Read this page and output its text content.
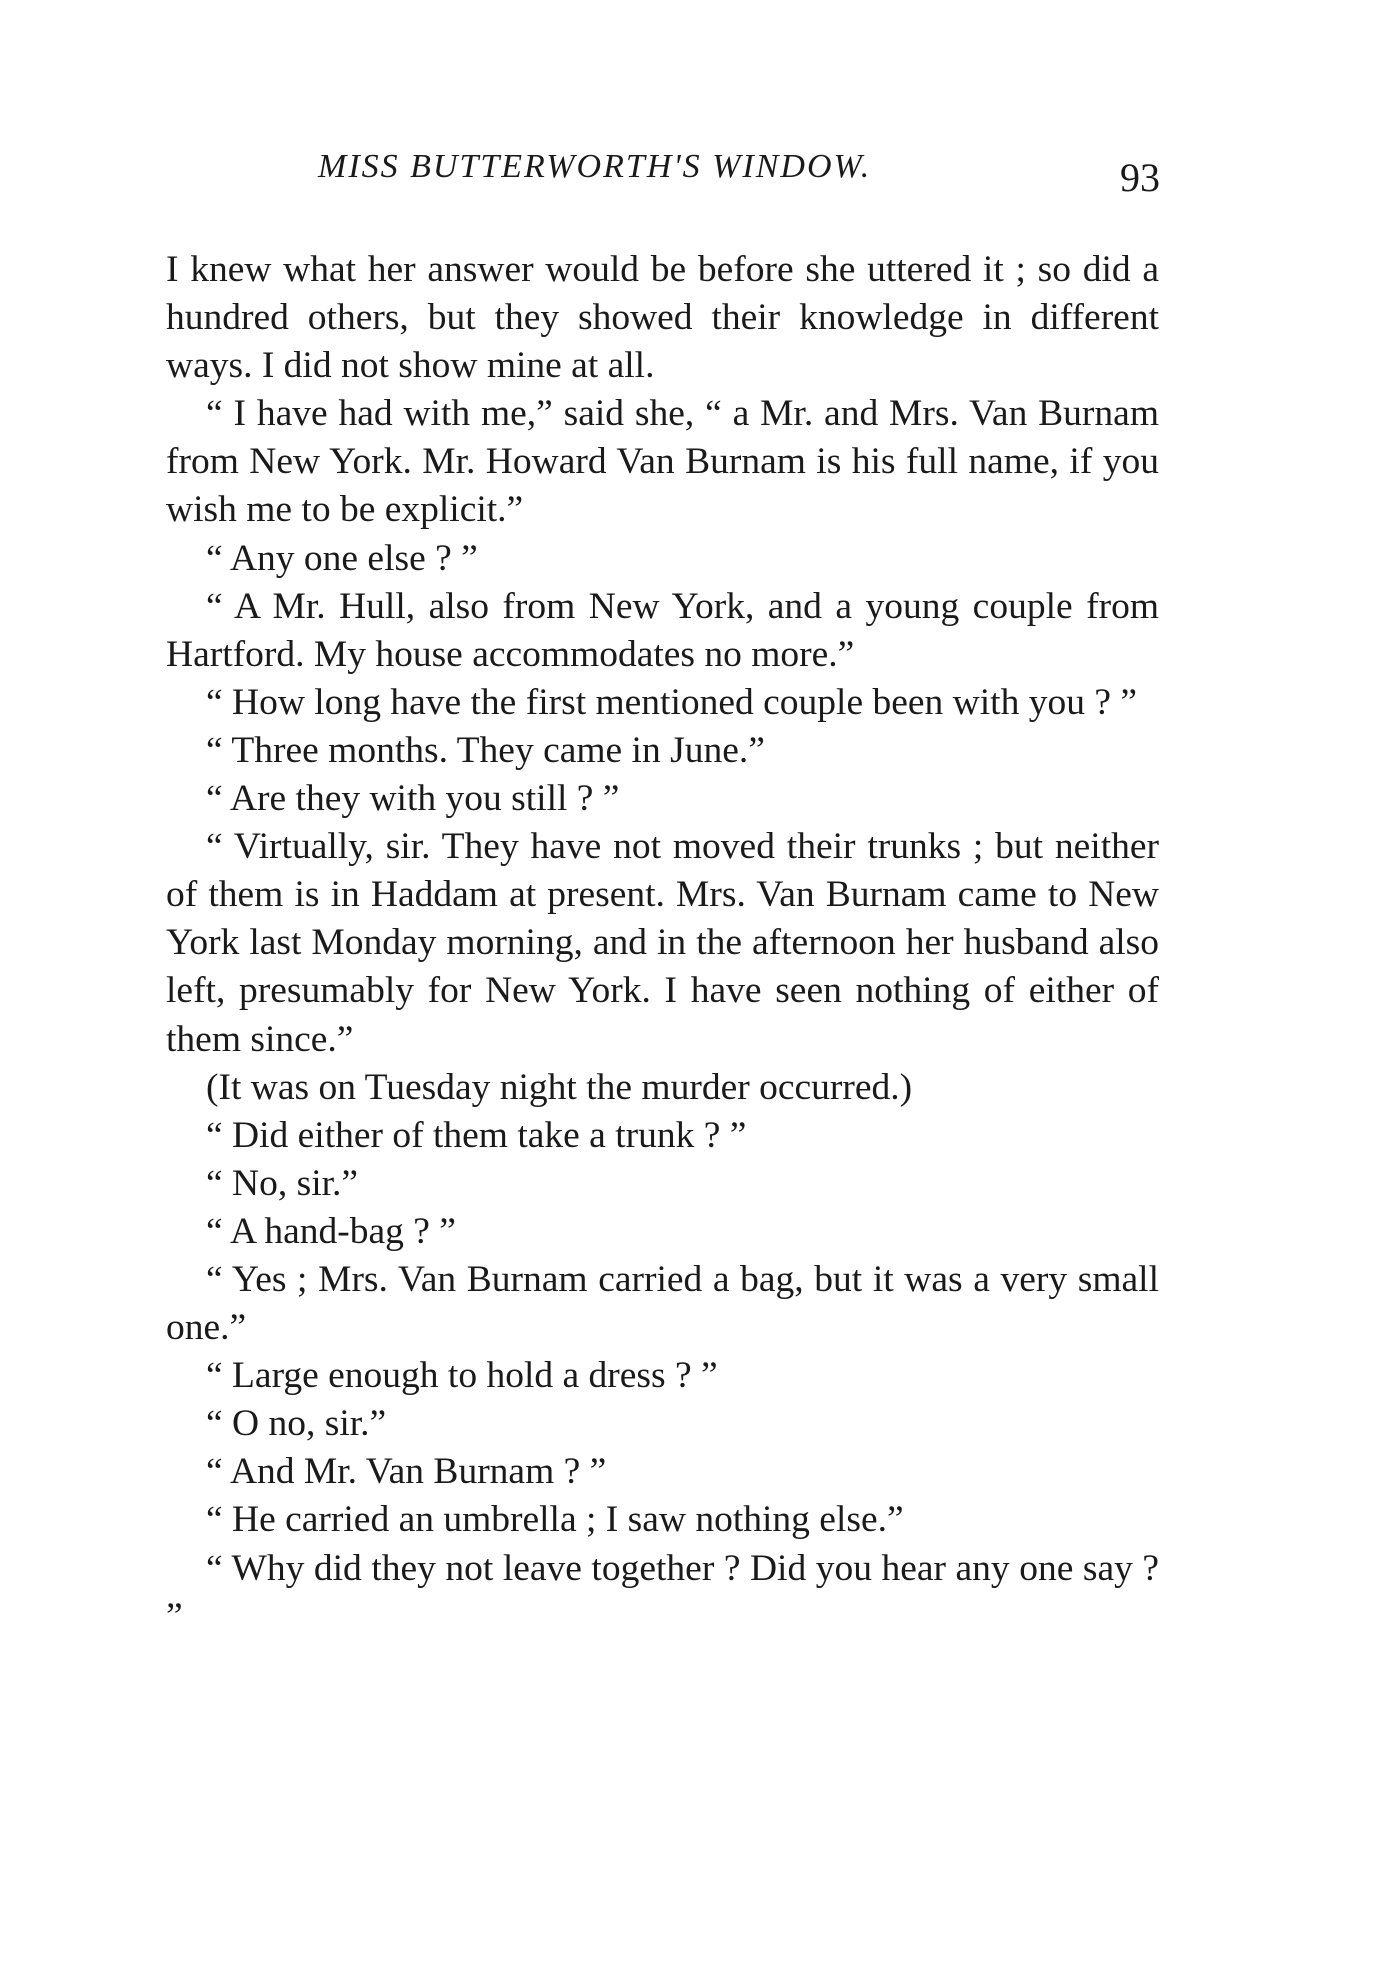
MISS BUTTERWORTH'S WINDOW.	93

I knew what her answer would be before she uttered it ; so did a hundred others, but they showed their knowledge in different ways. I did not show mine at all.

“ I have had with me,” said she, “ a Mr. and Mrs. Van Burnam from New York. Mr. Howard Van Burnam is his full name, if you wish me to be explicit.”

“ Any one else ? ”

“ A Mr. Hull, also from New York, and a young couple from Hartford. My house accommodates no more.”

“ How long have the first mentioned couple been with you ? ”

“ Three months. They came in June.”

“ Are they with you still ? ”

“ Virtually, sir. They have not moved their trunks ; but neither of them is in Haddam at present. Mrs. Van Burnam came to New York last Monday morning, and in the afternoon her husband also left, presumably for New York. I have seen nothing of either of them since.”

(It was on Tuesday night the murder occurred.)

“ Did either of them take a trunk ? ”

“ No, sir.”

“ A hand-bag ? ”

“ Yes ; Mrs. Van Burnam carried a bag, but it was a very small one.”

“ Large enough to hold a dress ? ”

“ O no, sir.”

“ And Mr. Van Burnam ? ”

“ He carried an umbrella ; I saw nothing else.”

“ Why did they not leave together ? Did you hear any one say ? ”
